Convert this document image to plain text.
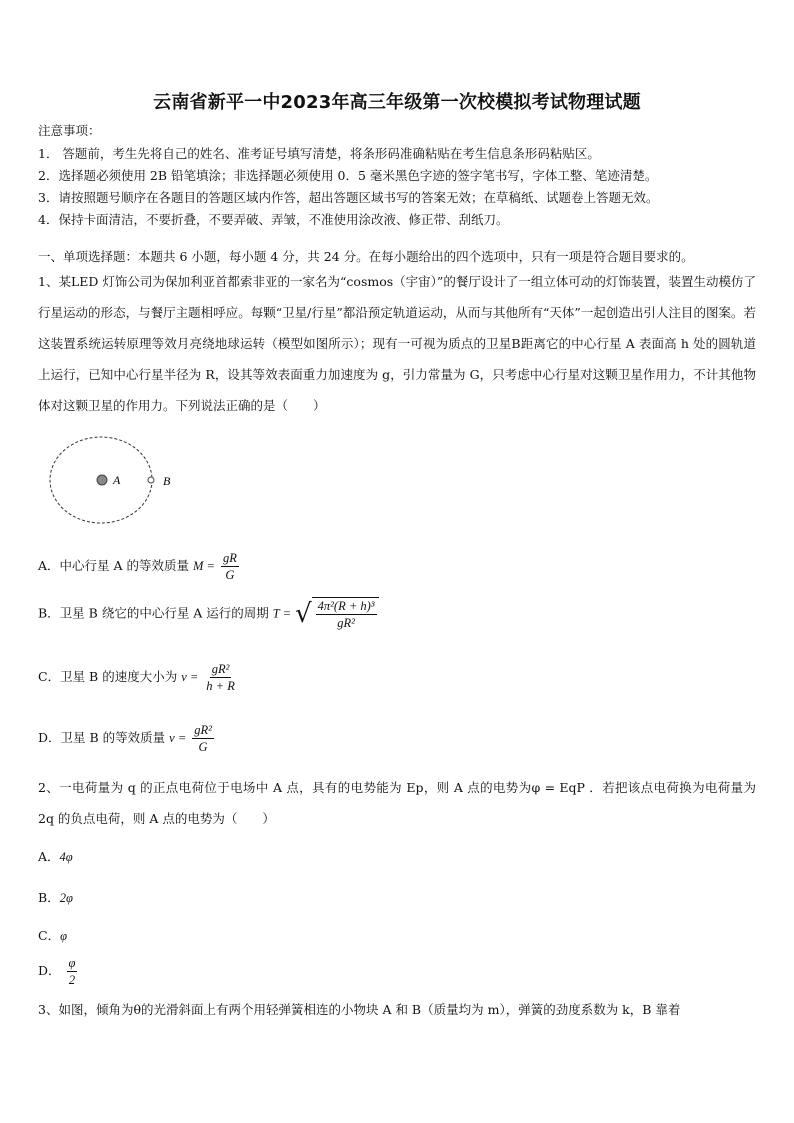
云南省新平一中2023年高三年级第一次校模拟考试物理试题
注意事项：
1． 答题前，考生先将自己的姓名、准考证号填写清楚，将条形码准确粘贴在考生信息条形码粘贴区。
2．选择题必须使用 2B 铅笔填涂；非选择题必须使用 0．5 毫米黑色字迹的签字笔书写，字体工整、笔迹清楚。
3．请按照题号顺序在各题目的答题区域内作答，超出答题区域书写的答案无效；在草稿纸、试题卷上答题无效。
4．保持卡面清洁，不要折叠，不要弄破、弄皱，不准使用涂改液、修正带、刮纸刀。
一、单项选择题：本题共 6 小题，每小题 4 分，共 24 分。在每小题给出的四个选项中，只有一项是符合题目要求的。
1、某LED 灯饰公司为保加利亚首都索非亚的一家名为“cosmos（宇宙）”的餐厅设计了一组立体可动的灯饰装置，装置生动模仿了行星运动的形态，与餐厅主题相呼应。每颗“卫星/行星”都沿预定轨道运动，从而与其他所有“天体”一起创造出引人注目的图案。若这装置系统运转原理等效月亮绕地球运转（模型如图所示）；现有一可视为质点的卫星B距离它的中心行星 A 表面高 h 处的圆轨道上运行，已知中心行星半径为 R，设其等效表面重力加速度为 g，引力常量为 G，只考虑中心行星对这颗卫星作用力，不计其他物体对这颗卫星的作用力。下列说法正确的是（　　）
A	B
A．中心行星 A 的等效质量 $M = \frac{gR}{G}$
B．卫星 B 绕它的中心行星 A 运行的周期 T = √ $\frac{\text{4π²(R + h)³}}{\text{gR²}}$
C．卫星 B 的速度大小为 $v = \frac{\text{gR²}}{h + R}$
D．卫星 B 的等效质量 $v = \frac{\text{gR²}}{G}$
2、一电荷量为 q 的正点电荷位于电场中 A 点，具有的电势能为 Ep，则 A 点的电势为φ = EqP ．若把该点电荷换为电荷量为 2q 的负点电荷，则 A 点的电势为（　　）
A．4φ
B．2φ
C．φ
D． $\frac{\varphi}{2}$
3、如图，倾角为θ的光滑斜面上有两个用轻弹簧相连的小物块 A 和 B（质量均为 m），弹簧的劲度系数为 k，B 靠着
